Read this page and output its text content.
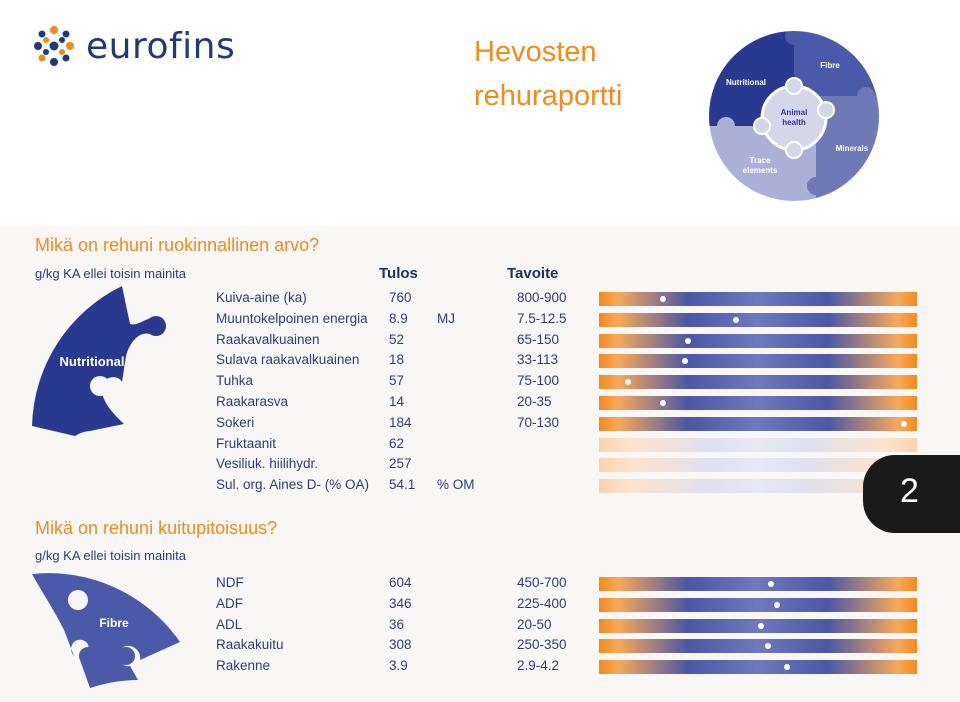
eurofins	Hevosten
rehuraportti	Nutritional
Fibre
Minerals
Trace
elements
Animal
health
Mikä on rehuni ruokinnallinen arvo?
g/kg KA ellei toisin mainita	Tulos	Tavoite
Nutritional
Kuiva-aine (ka)	760	800-900
Muuntokelpoinen energia 8.9 MJ	7.5-12.5
Raakavalkuainen	52	65-150
Sulava raakavalkuainen 18	33-113
Tuhka	57	75-100
Raakarasva	14	20-35
Sokeri	184	70-130
Fruktaanit	62
Vesiliuk. hiilihydr.	257
Sul. org. Aines D- (% OA) 54.1 % OM
Mikä on rehuni kuitupitoisuus?
g/kg KA ellei toisin mainita
Fibre
NDF	604	450-700
ADF	346	225-400
ADL	36	20-50
Raakakuitu	308	250-350
Rakenne	3.9	2.9-4.2
2
